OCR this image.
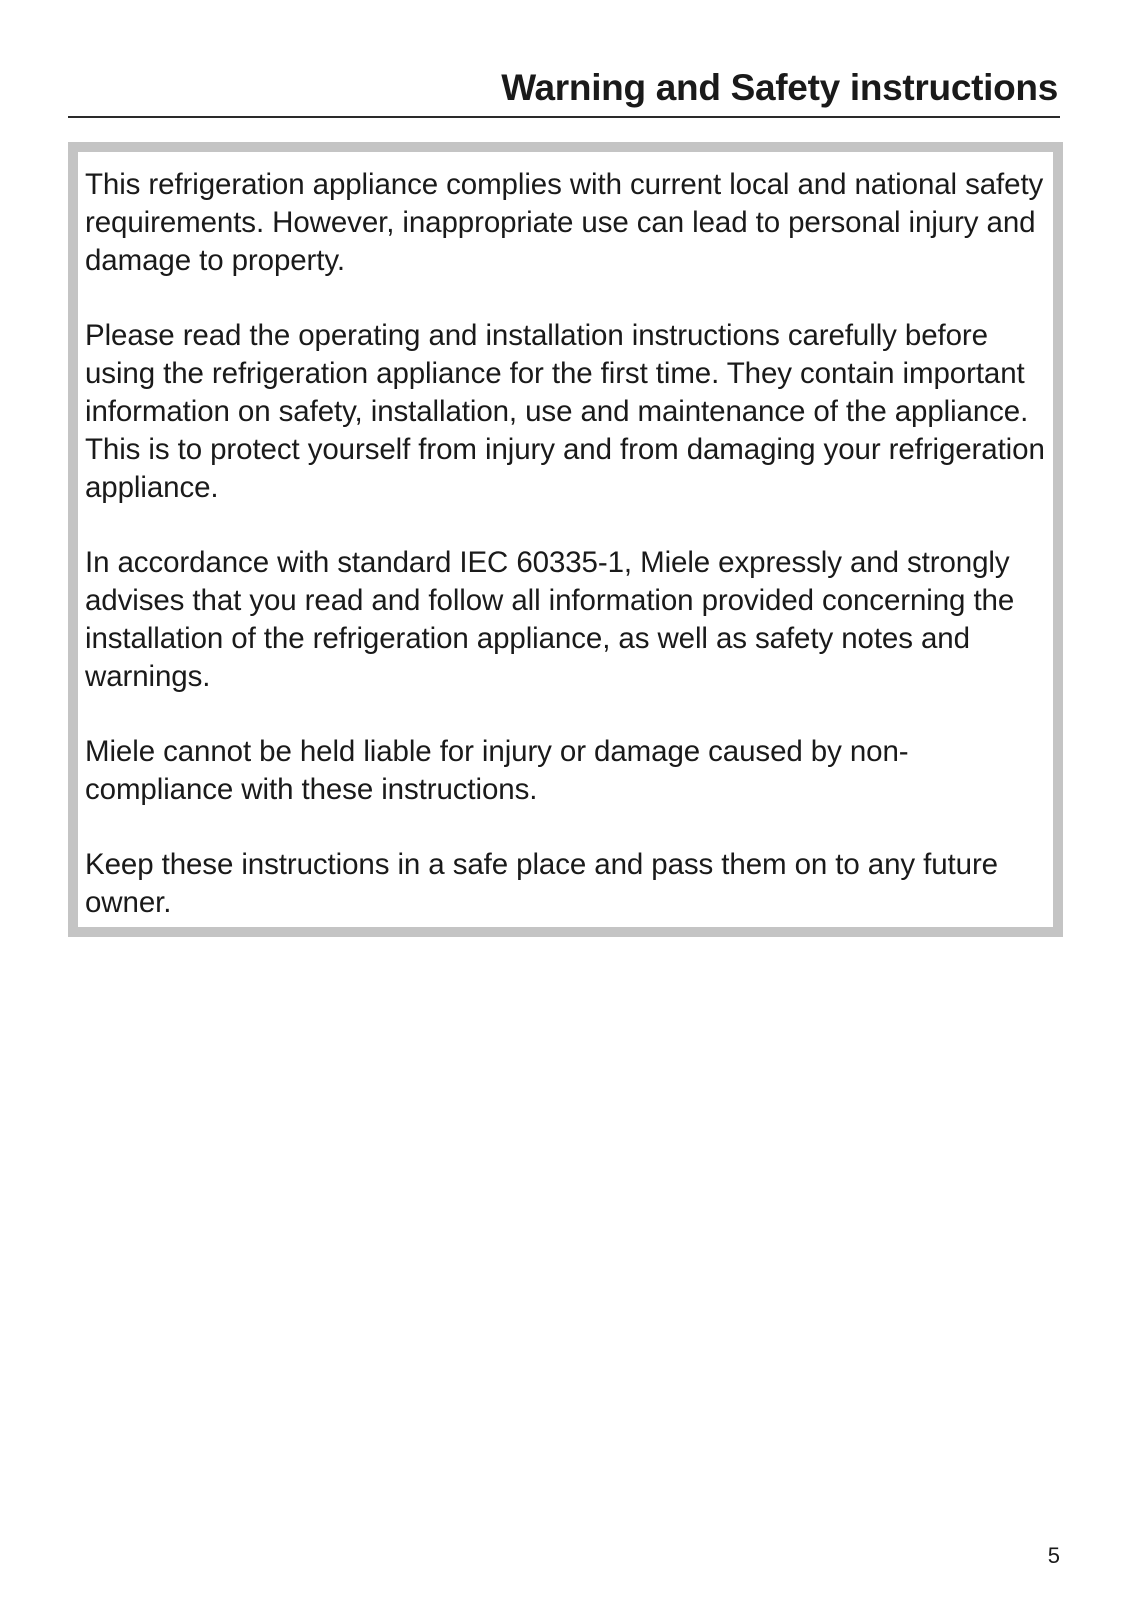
Warning and Safety instructions

This refrigeration appliance complies with current local and national safety requirements. However, inappropriate use can lead to personal injury and damage to property.

Please read the operating and installation instructions carefully before using the refrigeration appliance for the first time. They contain important information on safety, installation, use and maintenance of the appliance. This is to protect yourself from injury and from damaging your refrigeration appliance.

In accordance with standard IEC 60335-1, Miele expressly and strongly advises that you read and follow all information provided concerning the installation of the refrigeration appliance, as well as safety notes and warnings.

Miele cannot be held liable for injury or damage caused by non-compliance with these instructions.

Keep these instructions in a safe place and pass them on to any future owner.

5
